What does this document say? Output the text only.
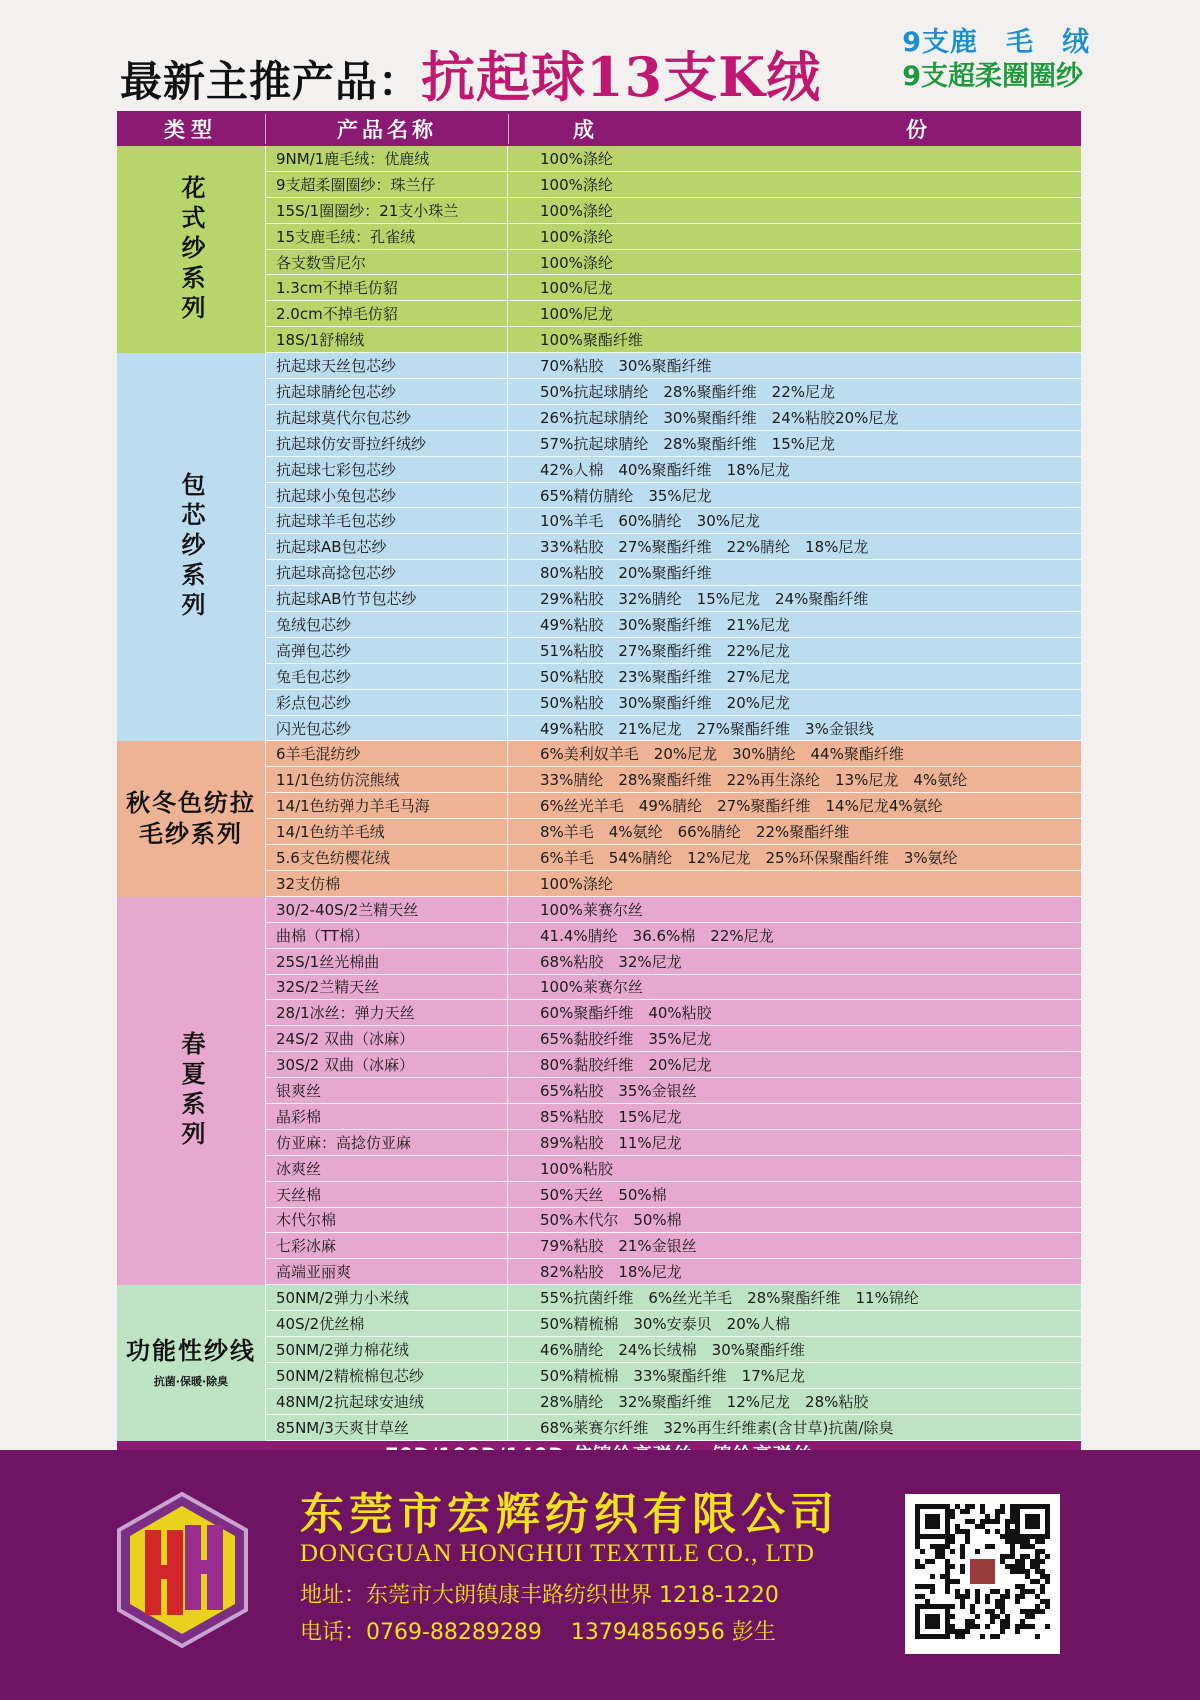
最新主推产品：抗起球13支K绒
9支鹿　毛　绒
9支超柔圈圈纱
类型	产品名称	成　　份
花式纱系列
9NM/1鹿毛绒：优鹿绒	100%涤纶
9支超柔圈圈纱：珠兰仔	100%涤纶
15S/1圈圈纱：21支小珠兰	100%涤纶
15支鹿毛绒：孔雀绒	100%涤纶
各支数雪尼尔	100%涤纶
1.3cm不掉毛仿貂	100%尼龙
2.0cm不掉毛仿貂	100%尼龙
18S/1舒棉绒	100%聚酯纤维
包芯纱系列
抗起球天丝包芯纱	70%粘胶　30%聚酯纤维
抗起球腈纶包芯纱	50%抗起球腈纶　28%聚酯纤维　22%尼龙
抗起球莫代尔包芯纱	26%抗起球腈纶　30%聚酯纤维　24%粘胶20%尼龙
抗起球仿安哥拉纤绒纱	57%抗起球腈纶　28%聚酯纤维　15%尼龙
抗起球七彩包芯纱	42%人棉　40%聚酯纤维　18%尼龙
抗起球小兔包芯纱	65%精仿腈纶　35%尼龙
抗起球羊毛包芯纱	10%羊毛　60%腈纶　30%尼龙
抗起球AB包芯纱	33%粘胶　27%聚酯纤维　22%腈纶　18%尼龙
抗起球高捻包芯纱	80%粘胶　20%聚酯纤维
抗起球AB竹节包芯纱	29%粘胶　32%腈纶　15%尼龙　24%聚酯纤维
兔绒包芯纱	49%粘胶　30%聚酯纤维　21%尼龙
高弹包芯纱	51%粘胶　27%聚酯纤维　22%尼龙
兔毛包芯纱	50%粘胶　23%聚酯纤维　27%尼龙
彩点包芯纱	50%粘胶　30%聚酯纤维　20%尼龙
闪光包芯纱	49%粘胶　21%尼龙　27%聚酯纤维　3%金银线
秋冬色纺拉毛纱系列
6羊毛混纺纱	6%美利奴羊毛　20%尼龙　30%腈纶　44%聚酯纤维
11/1色纺仿浣熊绒	33%腈纶　28%聚酯纤维　22%再生涤纶　13%尼龙　4%氨纶
14/1色纺弹力羊毛马海	6%丝光羊毛　49%腈纶　27%聚酯纤维　14%尼龙4%氨纶
14/1色纺羊毛绒	8%羊毛　4%氨纶　66%腈纶　22%聚酯纤维
5.6支色纺樱花绒	6%羊毛　54%腈纶　12%尼龙　25%环保聚酯纤维　3%氨纶
32支仿棉	100%涤纶
春夏系列
30/2-40S/2兰精天丝	100%莱赛尔丝
曲棉（TT棉）	41.4%腈纶　36.6%棉　22%尼龙
25S/1丝光棉曲	68%粘胶　32%尼龙
32S/2兰精天丝	100%莱赛尔丝
28/1冰丝：弹力天丝	60%聚酯纤维　40%粘胶
24S/2 双曲（冰麻）	65%黏胶纤维　35%尼龙
30S/2 双曲（冰麻）	80%黏胶纤维　20%尼龙
银爽丝	65%粘胶　35%金银丝
晶彩棉	85%粘胶　15%尼龙
仿亚麻：高捻仿亚麻	89%粘胶　11%尼龙
冰爽丝	100%粘胶
天丝棉	50%天丝　50%棉
木代尔棉	50%木代尔　50%棉
七彩冰麻	79%粘胶　21%金银丝
高端亚丽爽	82%粘胶　18%尼龙
功能性纱线
抗菌·保暖·除臭
50NM/2弹力小米绒	55%抗菌纤维　6%丝光羊毛　28%聚酯纤维　11%锦纶
40S/2优丝棉	50%精梳棉　30%安泰贝　20%人棉
50NM/2弹力棉花绒	46%腈纶　24%长绒棉　30%聚酯纤维
50NM/2精梳棉包芯纱	50%精梳棉　33%聚酯纤维　17%尼龙
48NM/2抗起球安迪绒	28%腈纶　32%聚酯纤维　12%尼龙　28%粘胶
85NM/3天爽甘草丝	68%莱赛尔纤维　32%再生纤维素(含甘草)抗菌/除臭
东莞市宏辉纺织有限公司
DONGGUAN HONGHUI TEXTILE CO., LTD
地址：东莞市大朗镇康丰路纺织世界 1218-1220
电话：0769-88289289　 13794856956 彭生
